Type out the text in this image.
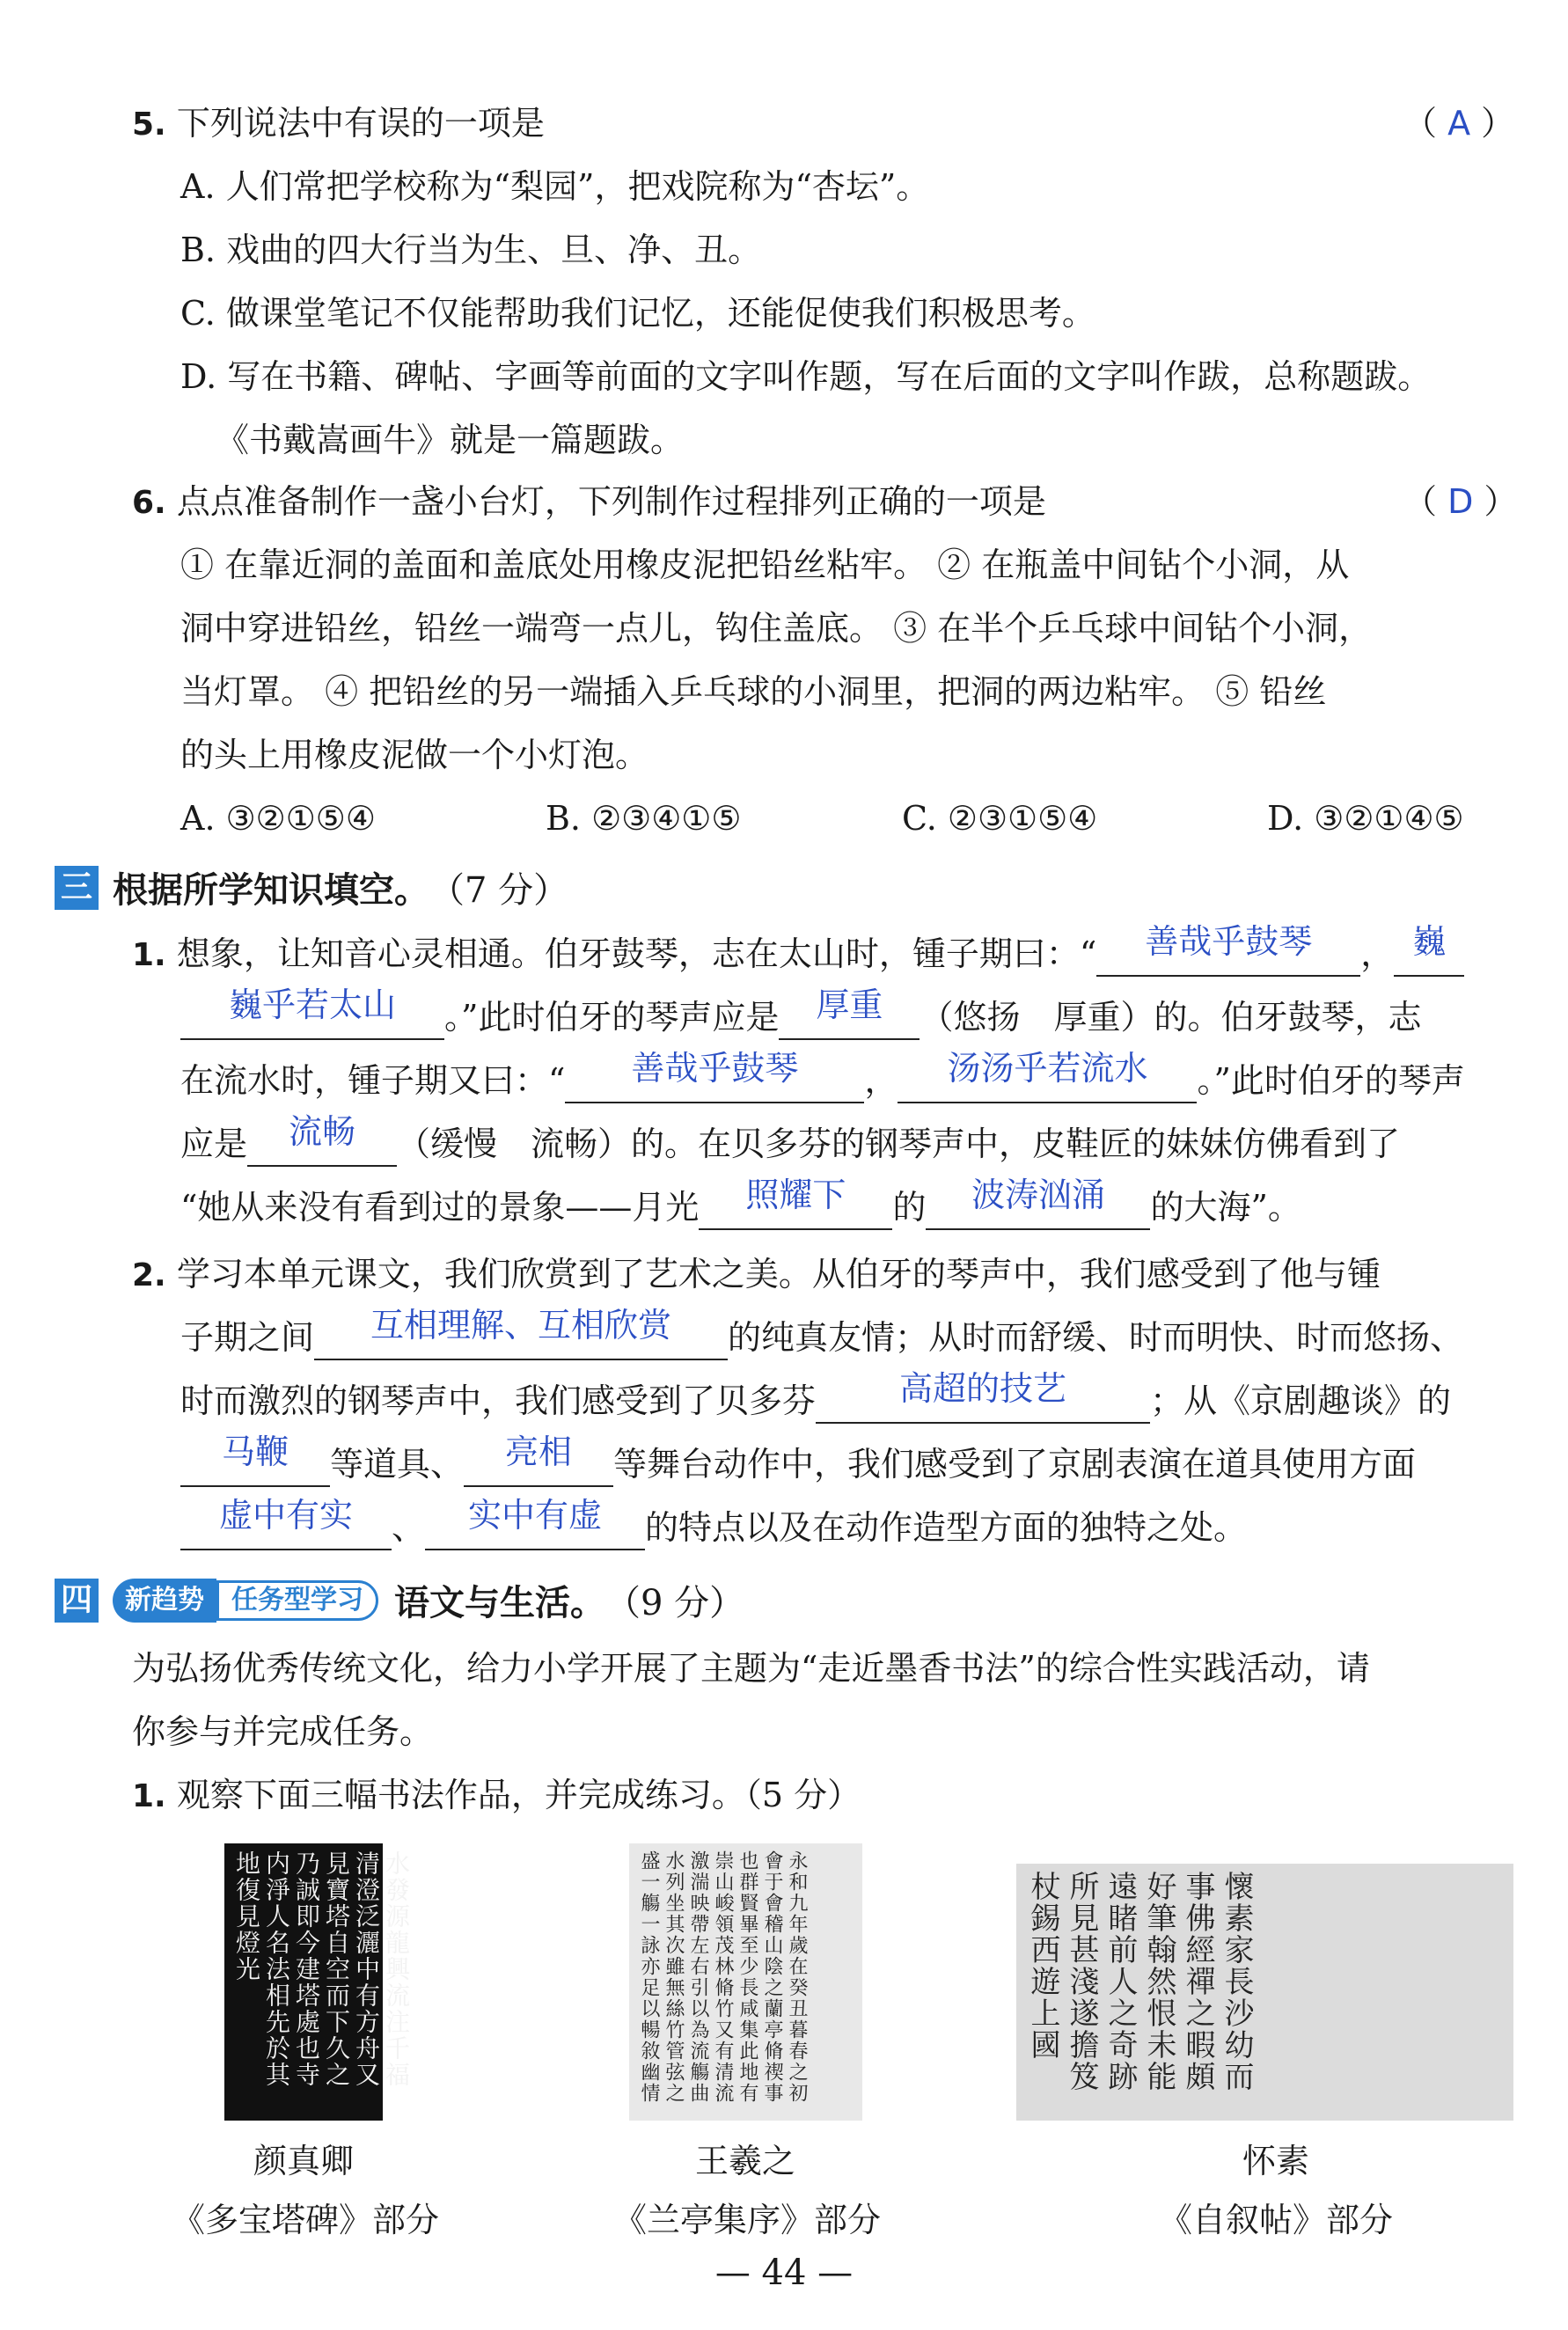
5. 下列说法中有误的一项是	（ A ）
A. 人们常把学校称为“梨园”，把戏院称为“杏坛”。
B. 戏曲的四大行当为生、旦、净、丑。
C. 做课堂笔记不仅能帮助我们记忆，还能促使我们积极思考。
D. 写在书籍、碑帖、字画等前面的文字叫作题，写在后面的文字叫作跋，总称题跋。
《书戴嵩画牛》就是一篇题跋。
6. 点点准备制作一盏小台灯，下列制作过程排列正确的一项是	（ D ）
① 在靠近洞的盖面和盖底处用橡皮泥把铅丝粘牢。 ② 在瓶盖中间钻个小洞，从
洞中穿进铅丝，铅丝一端弯一点儿，钩住盖底。 ③ 在半个乒乓球中间钻个小洞，
当灯罩。 ④ 把铅丝的另一端插入乒乓球的小洞里，把洞的两边粘牢。 ⑤ 铅丝
的头上用橡皮泥做一个小灯泡。
A. ③②①⑤④	B. ②③④①⑤	C. ②③①⑤④	D. ③②①④⑤
三 根据所学知识填空。 （7 分）
1. 想象，让知音心灵相通。伯牙鼓琴，志在太山时，锺子期曰：“	善哉乎鼓琴	， 巍
巍乎若太山	。”此时伯牙的琴声应是	厚重	（悠扬　厚重）的。伯牙鼓琴，志
在流水时，锺子期又曰：“	善哉乎鼓琴	，	汤汤乎若流水	。”此时伯牙的琴声
应是	流畅	（缓慢　流畅）的。在贝多芬的钢琴声中，皮鞋匠的妹妹仿佛看到了
“她从来没有看到过的景象——月光	照耀下	的	波涛汹涌	的大海”。
2. 学习本单元课文，我们欣赏到了艺术之美。从伯牙的琴声中，我们感受到了他与锺
子期之间	互相理解、互相欣赏	的纯真友情；从时而舒缓、时而明快、时而悠扬、
时而激烈的钢琴声中，我们感受到了贝多芬	高超的技艺	；从《京剧趣谈》的
马鞭	等道具、	亮相	等舞台动作中，我们感受到了京剧表演在道具使用方面
虚中有实	、	实中有虚	的特点以及在动作造型方面的独特之处。
四	新趋势	任务型学习 语文与生活。 （9 分）
为弘扬优秀传统文化，给力小学开展了主题为“走近墨香书法”的综合性实践活动，请
你参与并完成任务。
1. 观察下面三幅书法作品，并完成练习。（5 分）
水發源龍興流注千福清澄泛灑中有方舟又見寶塔自空而下久之乃誠即今建塔處也寺内淨人名法相先於其地復見燈光	永和九年歲在癸丑暮春之初會于會稽山陰之蘭亭脩禊事也群賢畢至少長咸集此地有崇山峻領茂林脩竹又有清流激湍映帶左右引以為流觴曲水列坐其次雖無絲竹管弦之盛一觴一詠亦足以暢敘幽情	懷素家長沙幼而事佛經禪之暇頗好筆翰然恨未能遠睹前人之奇跡所見甚淺遂擔笈杖錫西遊上國
颜真卿
《多宝塔碑》部分
王羲之
《兰亭集序》部分
怀素
《自叙帖》部分
— 44 —
